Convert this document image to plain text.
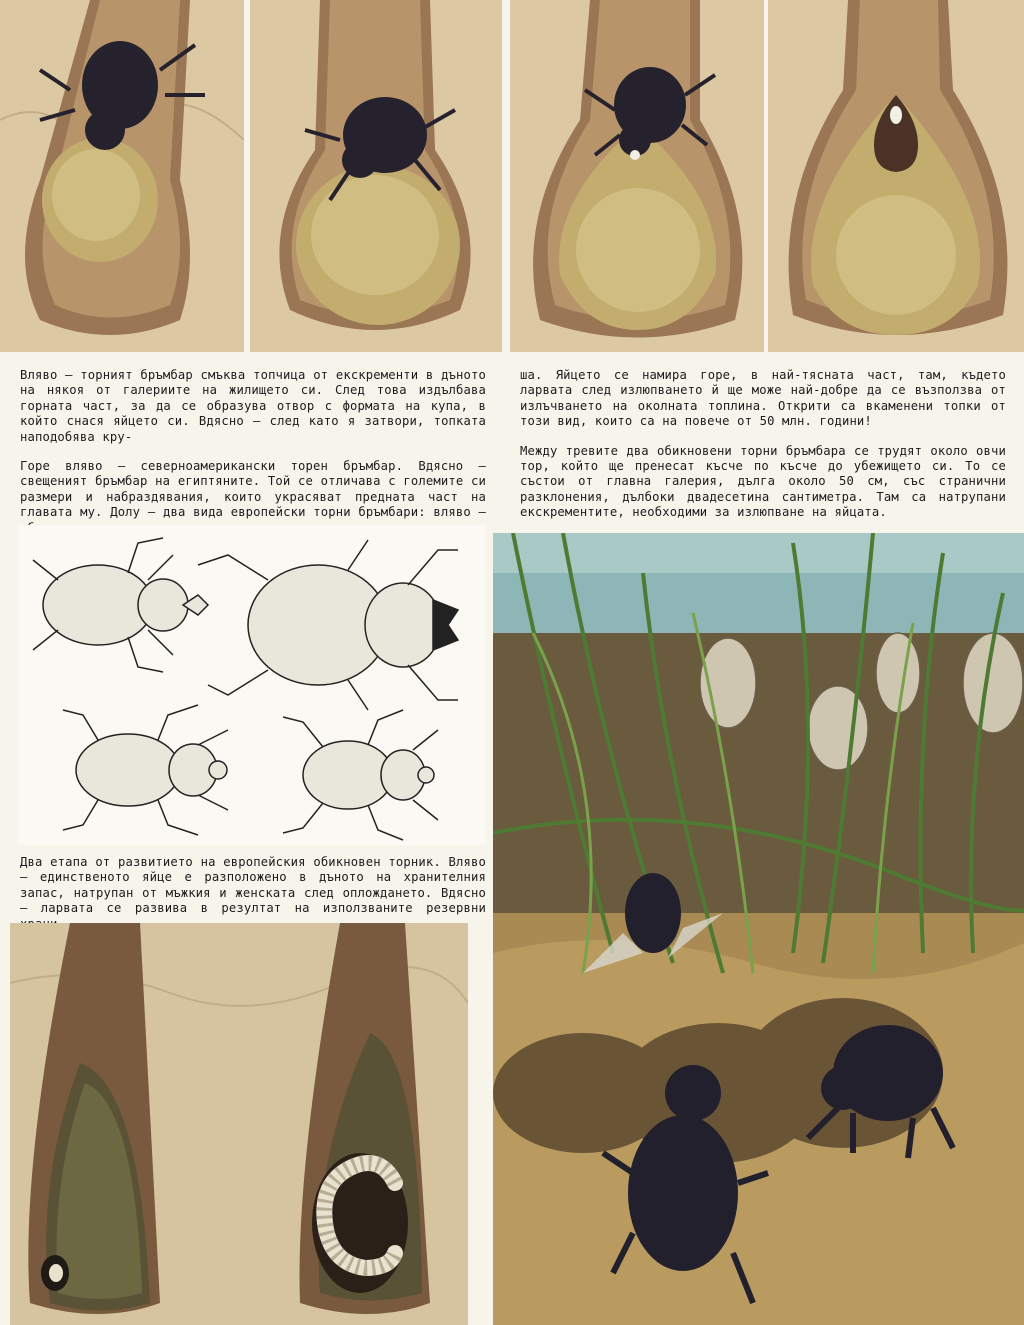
Вляво — торният бръмбар смъква топчица от екскременти в дъното на някоя от галериите на жилището си. След това издълбава горната част, за да се образува отвор с формата на купа, в който снася яйцето си. Вдясно — след като я затвори, топката наподобява кру-

Горе вляво — северноамерикански торен бръмбар. Вдясно — свещеният бръмбар на египтяните. Той се отличава с големите си размери и набраздявания, които украсяват предната част на главата му. Долу — два вида европейски торни бръмбари: вляво —

ша. Яйцето се намира горе, в най-тясната част, там, където ларвата след излюпването й ще може най-добре да се възползва от излъчването на околната топлина. Открити са вкаменени топки от този вид, които са на повече от 50 млн. години!

Между тревите два обикновени торни бръмбара се трудят около овчи тор, който ще пренесат късче по късче до убежището си. То се състои от главна галерия, дълга около 50 см, със странични разклонения, дълбоки двадесетина сантиметра. Там са натрупани екскрементите, необходими за излюпване на яйцата.

Два етапа от развитието на европейския обикновен торник. Вляво — единственото яйце е разположено в дъното на хранителния запас, натрупан от мъжкия и женската след оплождането. Вдясно — ларвата се развива в резултат на използваните резервни
